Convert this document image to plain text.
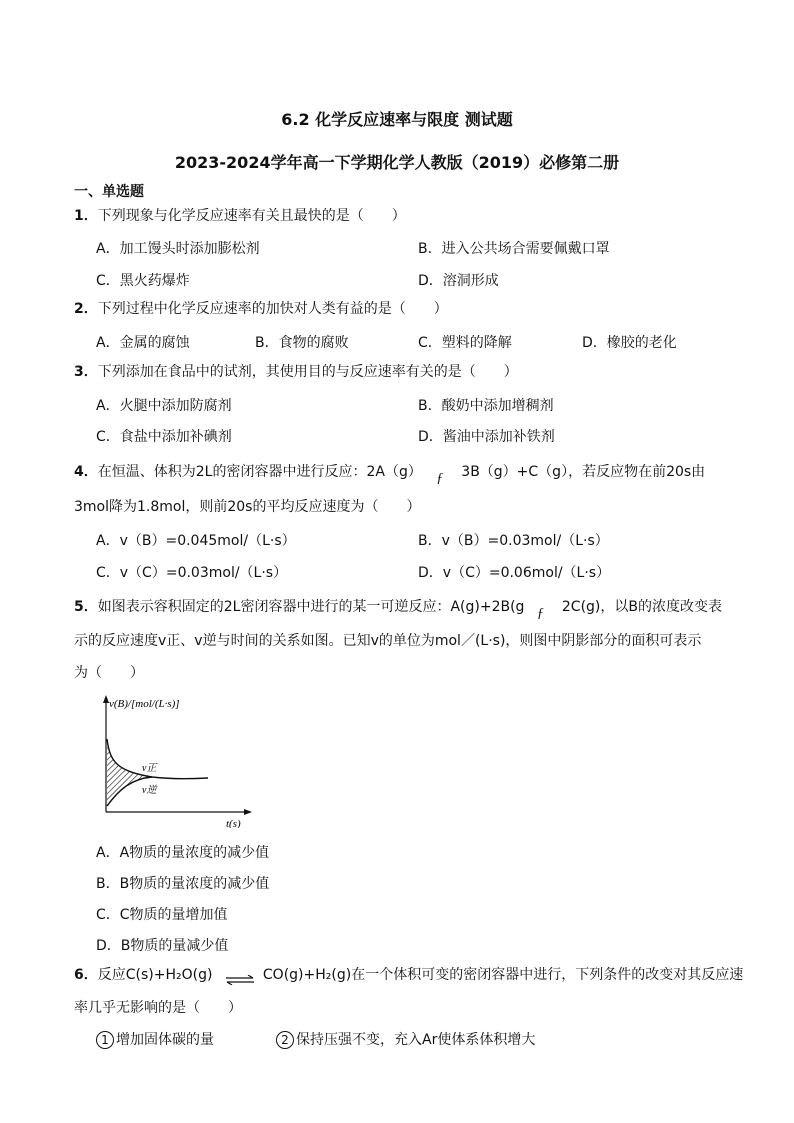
6.2 化学反应速率与限度 测试题
2023-2024学年高一下学期化学人教版（2019）必修第二册
一、单选题
1．下列现象与化学反应速率有关且最快的是（　　）
A．加工馒头时添加膨松剂	B．进入公共场合需要佩戴口罩
C．黑火药爆炸	D．溶洞形成
2．下列过程中化学反应速率的加快对人类有益的是（　　）
A．金属的腐蚀	B．食物的腐败	C．塑料的降解	D．橡胶的老化
3．下列添加在食品中的试剂，其使用目的与反应速率有关的是（　　）
A．火腿中添加防腐剂	B．酸奶中添加增稠剂
C．食盐中添加补碘剂	D．酱油中添加补铁剂
4．在恒温、体积为2L的密闭容器中进行反应：2A（g） ƒ 3B（g）+C（g），若反应物在前20s由
3mol降为1.8mol，则前20s的平均反应速度为（　　）
A．v（B）=0.045mol/（L·s）	B．v（B）=0.03mol/（L·s）
C．v（C）=0.03mol/（L·s）	D．v（C）=0.06mol/（L·s）
5．如图表示容积固定的2L密闭容器中进行的某一可逆反应：A(g)+2B(g ƒ 2C(g)，以B的浓度改变表
示的反应速度v正、v逆与时间的关系如图。已知v的单位为mol／(L·s)，则图中阴影部分的面积可表示
为（　　）
v(B)/[mol/(L·s)]
t(s)
v正
v逆
A．A物质的量浓度的减少值
B．B物质的量浓度的减少值
C．C物质的量增加值
D．B物质的量减少值
6．反应C(s)+H₂O(g) ⇌ CO(g)+H₂(g)在一个体积可变的密闭容器中进行，下列条件的改变对其反应速
率几乎无影响的是（　　）
1 增加固体碳的量	2 保持压强不变，充入Ar使体系体积增大
